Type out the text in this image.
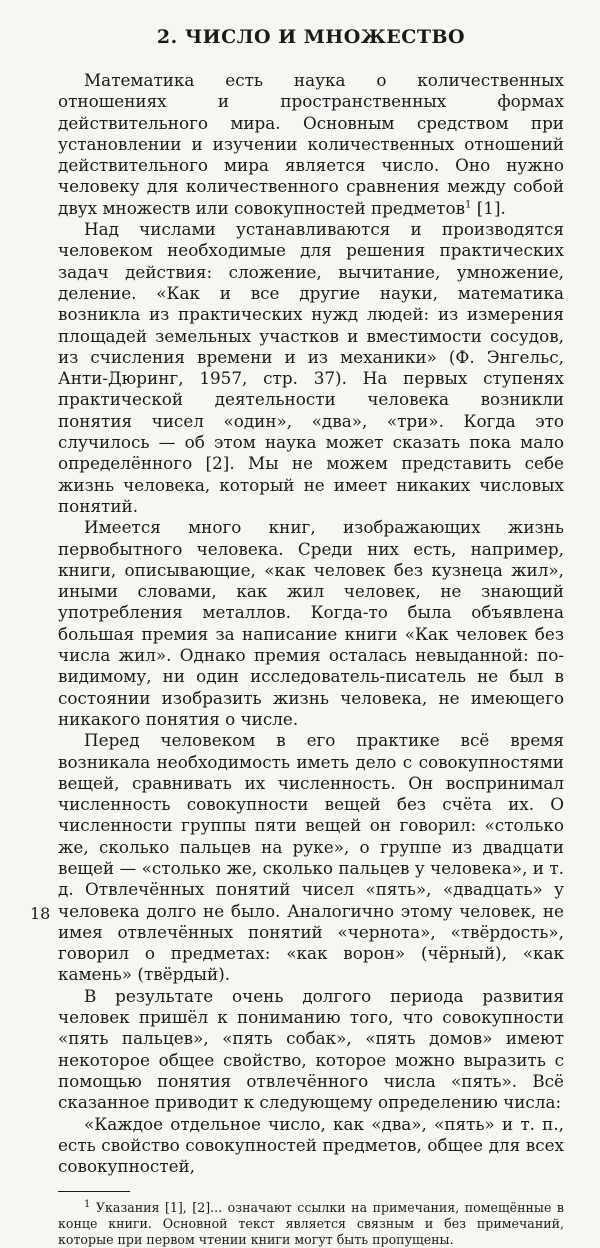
2. ЧИСЛО И МНОЖЕСТВО

Математика есть наука о количественных отношениях и пространственных формах действительного мира. Основным средством при установлении и изучении количественных отношений действительного мира является число. Оно нужно человеку для количественного сравнения между собой двух множеств или совокупностей предметов$^1$ [1].

Над числами устанавливаются и производятся человеком необходимые для решения практических задач действия: сложение, вычитание, умножение, деление. «Как и все другие науки, математика возникла из практических нужд людей: из измерения площадей земельных участков и вместимости сосудов, из счисления времени и из механики» (Ф. Энгельс, Анти-Дюринг, 1957, стр. 37). На первых ступенях практической деятельности человека возникли понятия чисел «один», «два», «три». Когда это случилось — об этом наука может сказать пока мало определённого [2]. Мы не можем представить себе жизнь человека, который не имеет никаких числовых понятий.

Имеется много книг, изображающих жизнь первобытного человека. Среди них есть, например, книги, описывающие, «как человек без кузнеца жил», иными словами, как жил человек, не знающий употребления металлов. Когда-то была объявлена большая премия за написание книги «Как человек без числа жил». Однако премия осталась невыданной: по-видимому, ни один исследователь-писатель не был в состоянии изобразить жизнь человека, не имеющего никакого понятия о числе.

Перед человеком в его практике всё время возникала необходимость иметь дело с совокупностями вещей, сравнивать их численность. Он воспринимал численность совокупности вещей без счёта их. О численности группы пяти вещей он говорил: «столько же, сколько пальцев на руке», о группе из двадцати вещей — «столько же, сколько пальцев у человека», и т. д. Отвлечённых понятий чисел «пять», «двадцать» у человека долго не было. Аналогично этому человек, не имея отвлечённых понятий «чернота», «твёрдость», говорил о предметах: «как ворон» (чёрный), «как камень» (твёрдый).

В результате очень долгого периода развития человек пришёл к пониманию того, что совокупности «пять пальцев», «пять собак», «пять домов» имеют некоторое общее свойство, которое можно выразить с помощью понятия отвлечённого числа «пять». Всё сказанное приводит к следующему определению числа:

«Каждое отдельное число, как «два», «пять» и т. п., есть свойство совокупностей предметов, общее для всех совокупностей,

$^1$ Указания [1], [2]... означают ссылки на примечания, помещённые в конце книги. Основной текст является связным и без примечаний, которые при первом чтении книги могут быть пропущены.

18
